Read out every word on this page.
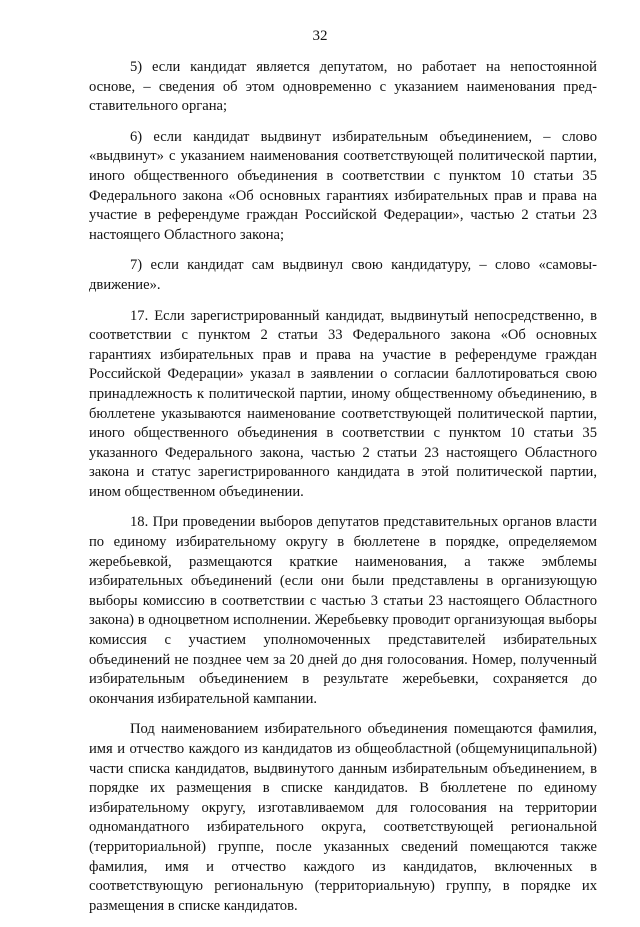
32

5) если кандидат является депутатом, но работает на непостоянной основе, – сведения об этом одновременно с указанием наименования представительного органа;

6) если кандидат выдвинут избирательным объединением, – слово «выдвинут» с указанием наименования соответствующей политической партии, иного общественного объединения в соответствии с пунктом 10 статьи 35 Федерального закона «Об основных гарантиях избирательных прав и права на участие в референдуме граждан Российской Федерации», частью 2 статьи 23 настоящего Областного закона;

7) если кандидат сам выдвинул свою кандидатуру, – слово «самовыдвижение».

17. Если зарегистрированный кандидат, выдвинутый непосредственно, в соответствии с пунктом 2 статьи 33 Федерального закона «Об основных гарантиях избирательных прав и права на участие в референдуме граждан Российской Федерации» указал в заявлении о согласии баллотироваться свою принадлежность к политической партии, иному общественному объединению, в бюллетене указываются наименование соответствующей политической партии, иного общественного объединения в соответствии с пунктом 10 статьи 35 указанного Федерального закона, частью 2 статьи 23 настоящего Областного закона и статус зарегистрированного кандидата в этой политической партии, ином общественном объединении.

18. При проведении выборов депутатов представительных органов власти по единому избирательному округу в бюллетене в порядке, определяемом жеребьевкой, размещаются краткие наименования, а также эмблемы избирательных объединений (если они были представлены в организующую выборы комиссию в соответствии с частью 3 статьи 23 настоящего Областного закона) в одноцветном исполнении. Жеребьевку проводит организующая выборы комиссия с участием уполномоченных представителей избирательных объединений не позднее чем за 20 дней до дня голосования. Номер, полученный избирательным объединением в результате жеребьевки, сохраняется до окончания избирательной кампании.

Под наименованием избирательного объединения помещаются фамилия, имя и отчество каждого из кандидатов из общеобластной (общемуниципальной) части списка кандидатов, выдвинутого данным избирательным объединением, в порядке их размещения в списке кандидатов. В бюллетене по единому избирательному округу, изготавливаемом для голосования на территории одномандатного избирательного округа, соответствующей региональной (территориальной) группе, после указанных сведений помещаются также фамилия, имя и отчество каждого из кандидатов, включенных в соответствующую региональную (территориальную) группу, в порядке их размещения в списке кандидатов.
